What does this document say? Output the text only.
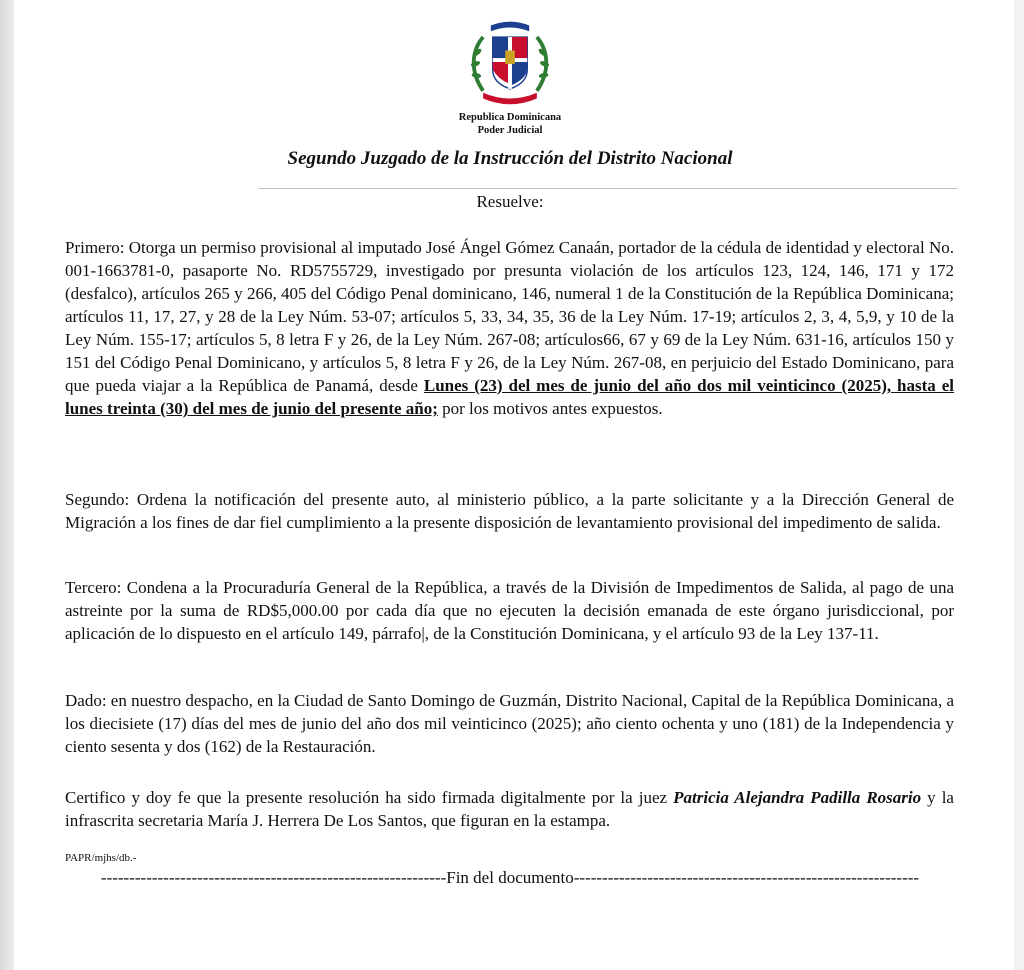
Republica Dominicana
Poder Judicial
Segundo Juzgado de la Instrucción del Distrito Nacional
Resuelve:
Primero: Otorga un permiso provisional al imputado José Ángel Gómez Canaán, portador de la cédula de identidad y electoral No. 001-1663781-0, pasaporte No. RD5755729, investigado por presunta violación de los artículos 123, 124, 146, 171 y 172 (desfalco), artículos 265 y 266, 405 del Código Penal dominicano, 146, numeral 1 de la Constitución de la República Dominicana; artículos 11, 17, 27, y 28 de la Ley Núm. 53-07; artículos 5, 33, 34, 35, 36 de la Ley Núm. 17-19; artículos 2, 3, 4, 5,9, y 10 de la Ley Núm. 155-17; artículos 5, 8 letra F y 26, de la Ley Núm. 267-08; artículos66, 67 y 69 de la Ley Núm. 631-16, artículos 150 y 151 del Código Penal Dominicano, y artículos 5, 8 letra F y 26, de la Ley Núm. 267-08, en perjuicio del Estado Dominicano, para que pueda viajar a la República de Panamá, desde Lunes (23) del mes de junio del año dos mil veinticinco (2025), hasta el lunes treinta (30) del mes de junio del presente año; por los motivos antes expuestos.
Segundo: Ordena la notificación del presente auto, al ministerio público, a la parte solicitante y a la Dirección General de Migración a los fines de dar fiel cumplimiento a la presente disposición de levantamiento provisional del impedimento de salida.
Tercero: Condena a la Procuraduría General de la República, a través de la División de Impedimentos de Salida, al pago de una astreinte por la suma de RD$5,000.00 por cada día que no ejecuten la decisión emanada de este órgano jurisdiccional, por aplicación de lo dispuesto en el artículo 149, párrafo|, de la Constitución Dominicana, y el artículo 93 de la Ley 137-11.
Dado: en nuestro despacho, en la Ciudad de Santo Domingo de Guzmán, Distrito Nacional, Capital de la República Dominicana, a los diecisiete (17) días del mes de junio del año dos mil veinticinco (2025); año ciento ochenta y uno (181) de la Independencia y ciento sesenta y dos (162) de la Restauración.
Certifico y doy fe que la presente resolución ha sido firmada digitalmente por la juez Patricia Alejandra Padilla Rosario y la infrascrita secretaria María J. Herrera De Los Santos, que figuran en la estampa.
PAPR/mjhs/db.-
-------------------------------------------------------------Fin del documento-------------------------------------------------------------
